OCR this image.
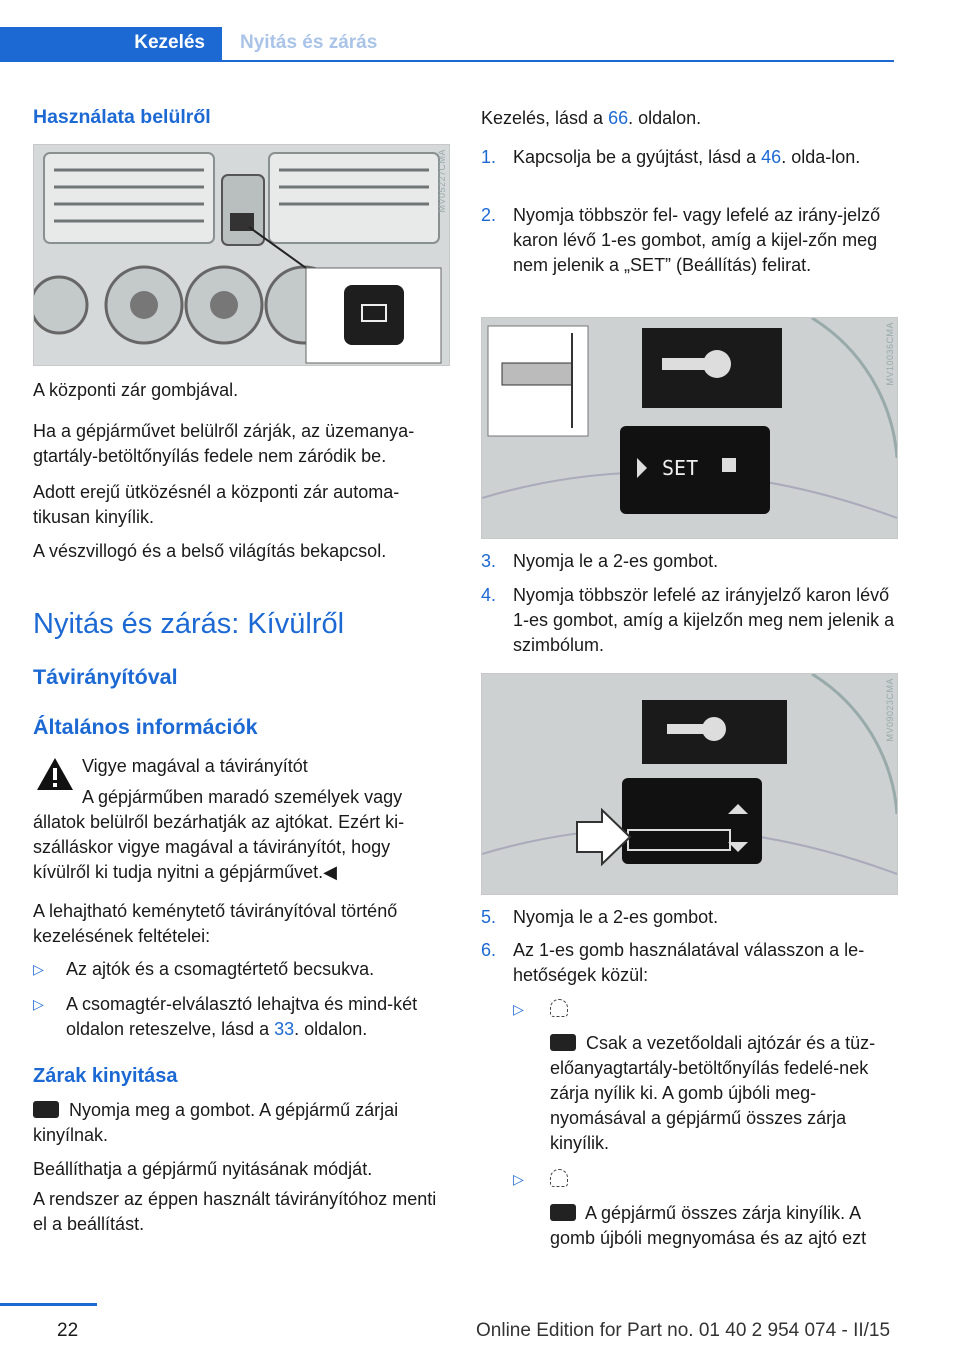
Kezelés	Nyitás és zárás
Használata belülről
MV05227CMA
A központi zár gombjával.
Ha a gépjárművet belülről zárják, az üzemanya-gtartály-betöltőnyílás fedele nem záródik be.
Adott erejű ütközésnél a központi zár automa-tikusan kinyílik.
A vészvillogó és a belső világítás bekapcsol.
Nyitás és zárás: Kívülről
Távirányítóval
Általános információk
Vigye magával a távirányítót
A gépjárműben maradó személyek vagy állatok belülről bezárhatják az ajtókat. Ezért ki-szálláskor vigye magával a távirányítót, hogy kívülről ki tudja nyitni a gépjárművet.◀
A lehajtható keménytető távirányítóval történő kezelésének feltételei:
▷ Az ajtók és a csomagtértető becsukva.
▷ A csomagtér-elválasztó lehajtva és mind-két oldalon reteszelve, lásd a 33. oldalon.
Zárak kinyitása
Nyomja meg a gombot. A gépjármű zárjai kinyílnak.
Beállíthatja a gépjármű nyitásának módját.
A rendszer az éppen használt távirányítóhoz menti el a beállítást.
Kezelés, lásd a 66. oldalon.
1. Kapcsolja be a gyújtást, lásd a 46. olda-lon.
2. Nyomja többször fel- vagy lefelé az irány-jelző karon lévő 1-es gombot, amíg a kijel-zőn meg nem jelenik a „SET” (Beállítás) felirat.
SET
MV10036CMA
3. Nyomja le a 2-es gombot.
4. Nyomja többször lefelé az irányjelző karon lévő 1-es gombot, amíg a kijelzőn meg nem jelenik a szimbólum.
MV09023CMA
5. Nyomja le a 2-es gombot.
6. Az 1-es gomb használatával válasszon a le-hetőségek közül:
▷
Csak a vezetőoldali ajtózár és a tüz-előanyagtartály-betöltőnyílás fedelé-nek zárja nyílik ki. A gomb újbóli meg-nyomásával a gépjármű összes zárja kinyílik.
▷
A gépjármű összes zárja kinyílik. A gomb újbóli megnyomása és az ajtó ezt
22	Online Edition for Part no. 01 40 2 954 074 - II/15
